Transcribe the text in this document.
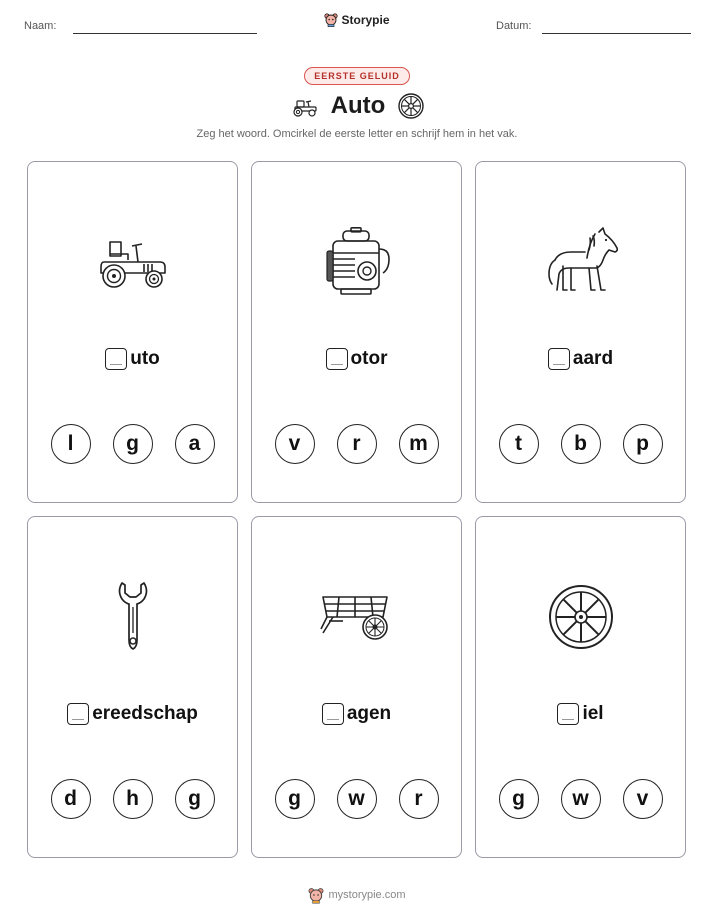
Naam:	Datum:
Storypie
EERSTE GELUID
Auto
Zeg het woord. Omcirkel de eerste letter en schrijf hem in het vak.
uto
l	g	a
otor
v	r	m
aard
t	b	p
ereedschap
d	h	g
agen
g	w	r
iel
g	w	v
mystorypie.com
